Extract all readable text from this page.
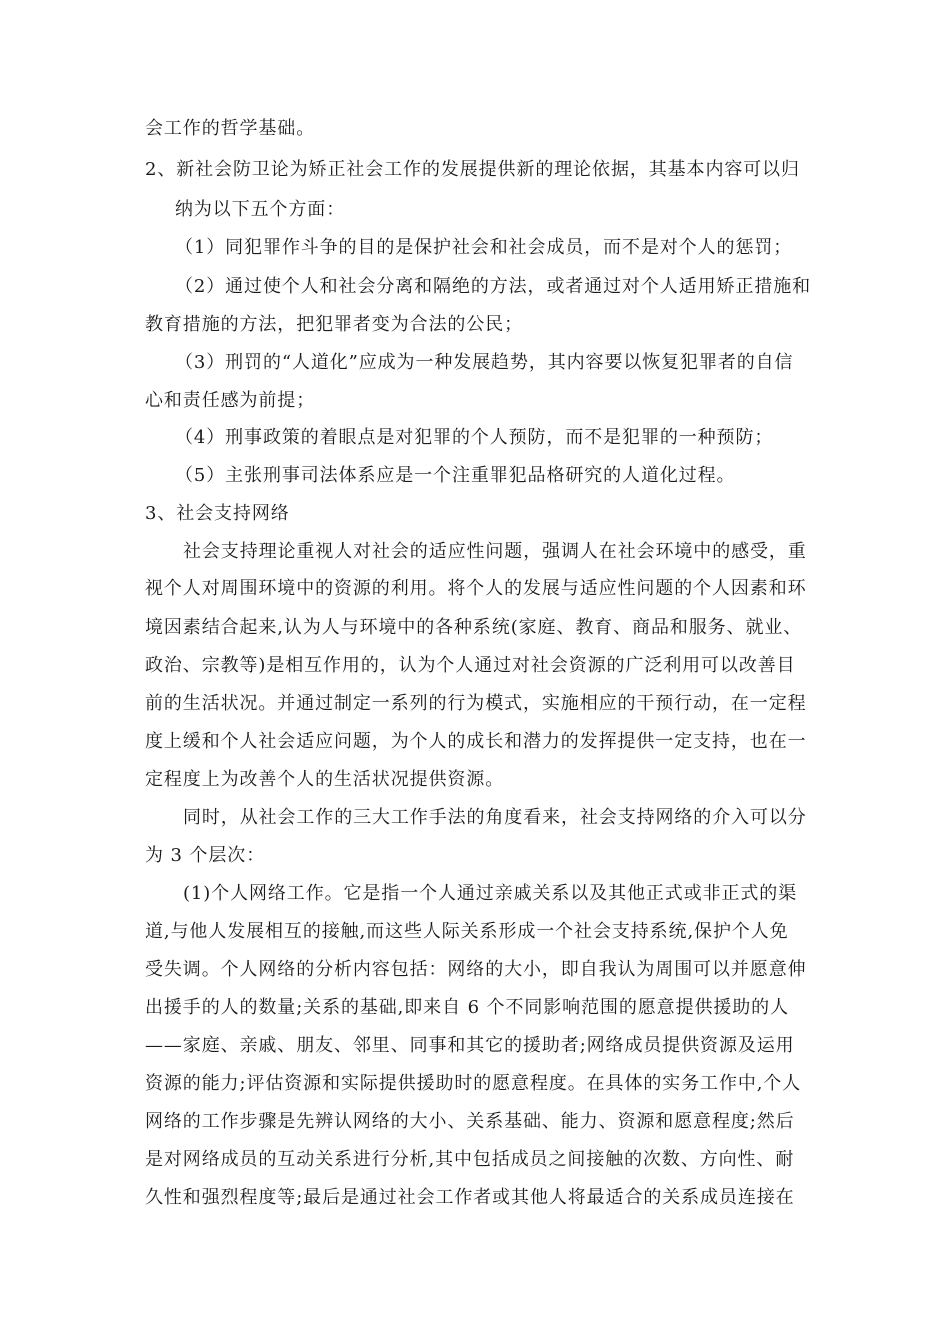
会工作的哲学基础。
2、新社会防卫论为矫正社会工作的发展提供新的理论依据，其基本内容可以归
纳为以下五个方面：
（1）同犯罪作斗争的目的是保护社会和社会成员，而不是对个人的惩罚；
（2）通过使个人和社会分离和隔绝的方法，或者通过对个人适用矫正措施和
教育措施的方法，把犯罪者变为合法的公民；
（3）刑罚的“人道化”应成为一种发展趋势，其内容要以恢复犯罪者的自信
心和责任感为前提；
（4）刑事政策的着眼点是对犯罪的个人预防，而不是犯罪的一种预防；
（5）主张刑事司法体系应是一个注重罪犯品格研究的人道化过程。
3、社会支持网络
社会支持理论重视人对社会的适应性问题，强调人在社会环境中的感受，重
视个人对周围环境中的资源的利用。将个人的发展与适应性问题的个人因素和环
境因素结合起来,认为人与环境中的各种系统(家庭、教育、商品和服务、就业、
政治、宗教等)是相互作用的，认为个人通过对社会资源的广泛利用可以改善目
前的生活状况。并通过制定一系列的行为模式，实施相应的干预行动，在一定程
度上缓和个人社会适应问题，为个人的成长和潜力的发挥提供一定支持，也在一
定程度上为改善个人的生活状况提供资源。
同时，从社会工作的三大工作手法的角度看来，社会支持网络的介入可以分
为 3 个层次：
(1)个人网络工作。它是指一个人通过亲戚关系以及其他正式或非正式的渠
道,与他人发展相互的接触,而这些人际关系形成一个社会支持系统,保护个人免
受失调。个人网络的分析内容包括：网络的大小，即自我认为周围可以并愿意伸
出援手的人的数量;关系的基础,即来自 6 个不同影响范围的愿意提供援助的人
——家庭、亲戚、朋友、邻里、同事和其它的援助者;网络成员提供资源及运用
资源的能力;评估资源和实际提供援助时的愿意程度。在具体的实务工作中,个人
网络的工作步骤是先辨认网络的大小、关系基础、能力、资源和愿意程度;然后
是对网络成员的互动关系进行分析,其中包括成员之间接触的次数、方向性、耐
久性和强烈程度等;最后是通过社会工作者或其他人将最适合的关系成员连接在
